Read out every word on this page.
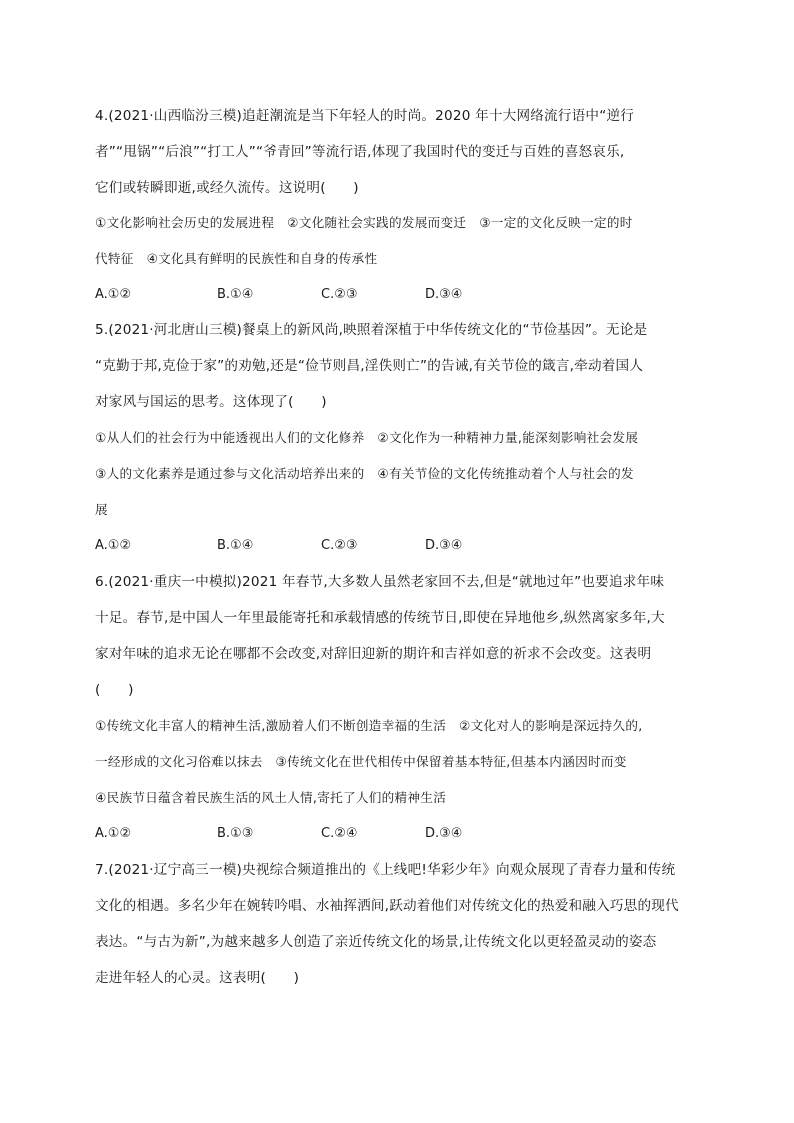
4.(2021·山西临汾三模)追赶潮流是当下年轻人的时尚。2020 年十大网络流行语中“逆行
者”“甩锅”“后浪”“打工人”“爷青回”等流行语,体现了我国时代的变迁与百姓的喜怒哀乐,
它们或转瞬即逝,或经久流传。这说明(　　)
①文化影响社会历史的发展进程　②文化随社会实践的发展而变迁　③一定的文化反映一定的时
代特征　④文化具有鲜明的民族性和自身的传承性
A.①②	B.①④	C.②③	D.③④
5.(2021·河北唐山三模)餐桌上的新风尚,映照着深植于中华传统文化的“节俭基因”。无论是
“克勤于邦,克俭于家”的劝勉,还是“俭节则昌,淫佚则亡”的告诫,有关节俭的箴言,牵动着国人
对家风与国运的思考。这体现了(　　)
①从人们的社会行为中能透视出人们的文化修养　②文化作为一种精神力量,能深刻影响社会发展
③人的文化素养是通过参与文化活动培养出来的　④有关节俭的文化传统推动着个人与社会的发
展
A.①②	B.①④	C.②③	D.③④
6.(2021·重庆一中模拟)2021 年春节,大多数人虽然老家回不去,但是“就地过年”也要追求年味
十足。春节,是中国人一年里最能寄托和承载情感的传统节日,即使在异地他乡,纵然离家多年,大
家对年味的追求无论在哪都不会改变,对辞旧迎新的期许和吉祥如意的祈求不会改变。这表明
(　　)
①传统文化丰富人的精神生活,激励着人们不断创造幸福的生活　②文化对人的影响是深远持久的,
一经形成的文化习俗难以抹去　③传统文化在世代相传中保留着基本特征,但基本内涵因时而变
④民族节日蕴含着民族生活的风土人情,寄托了人们的精神生活
A.①②	B.①③	C.②④	D.③④
7.(2021·辽宁高三一模)央视综合频道推出的《上线吧!华彩少年》向观众展现了青春力量和传统
文化的相遇。多名少年在婉转吟唱、水袖挥洒间,跃动着他们对传统文化的热爱和融入巧思的现代
表达。“与古为新”,为越来越多人创造了亲近传统文化的场景,让传统文化以更轻盈灵动的姿态
走进年轻人的心灵。这表明(　　)
